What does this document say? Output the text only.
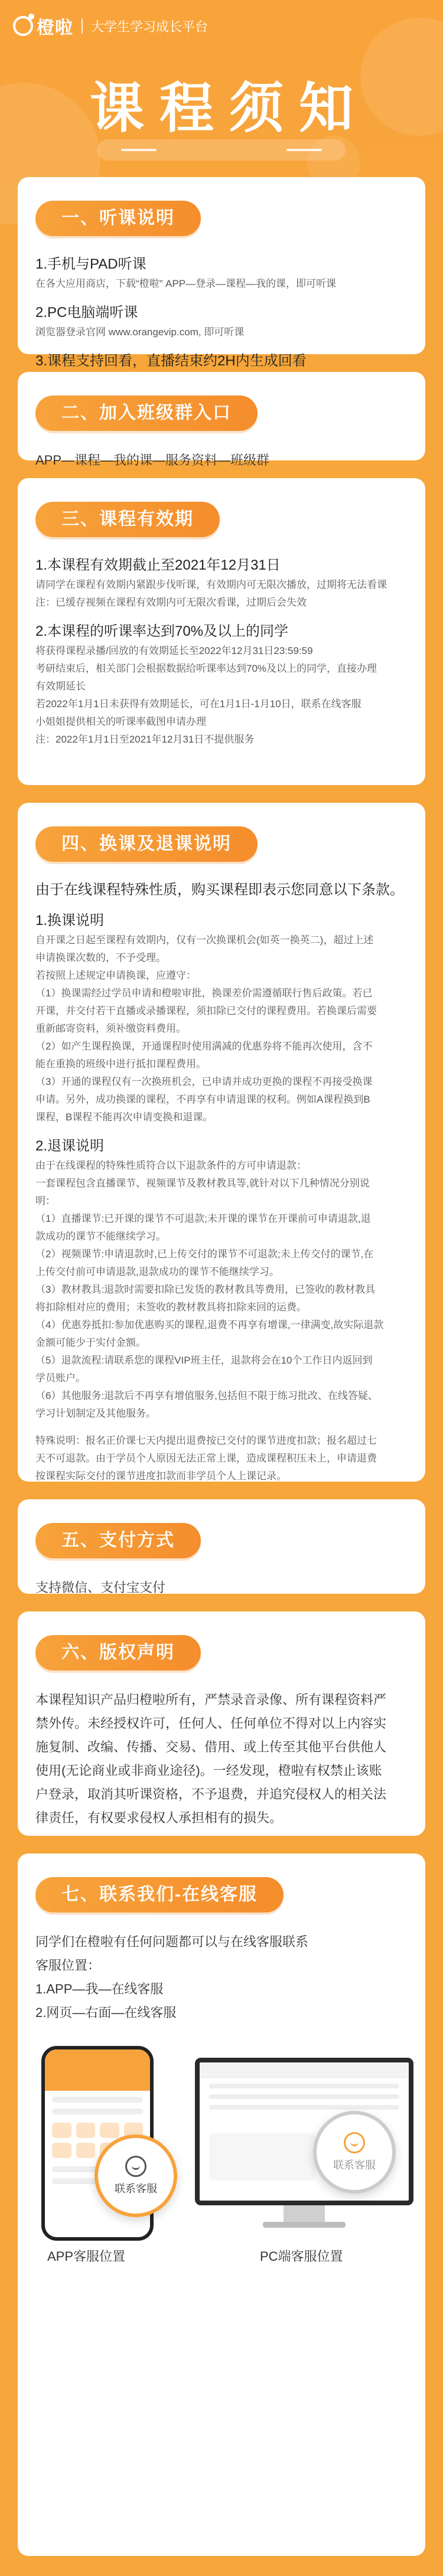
橙啦 大学生学习成长平台
课程须知
一、听课说明
1.手机与PAD听课
在各大应用商店，下载“橙啦” APP—登录—课程—我的课，即可听课
2.PC电脑端听课
浏览器登录官网 www.orangevip.com, 即可听课
3.课程支持回看，直播结束约2H内生成回看
二、加入班级群入口
APP—课程—我的课—服务资料—班级群
三、课程有效期
1.本课程有效期截止至2021年12月31日
请同学在课程有效期内紧跟步伐听课，有效期内可无限次播放，过期将无法看课
注：已缓存视频在课程有效期内可无限次看课，过期后会失效
2.本课程的听课率达到70%及以上的同学
将获得课程录播/回放的有效期延长至2022年12月31日23:59:59
考研结束后，相关部门会根据数据给听课率达到70%及以上的同学，直接办理
有效期延长
若2022年1月1日未获得有效期延长，可在1月1日-1月10日，联系在线客服
小姐姐提供相关的听课率截图申请办理
注：2022年1月1日至2021年12月31日不提供服务
四、换课及退课说明
由于在线课程特殊性质，购买课程即表示您同意以下条款。
1.换课说明
自开课之日起至课程有效期内，仅有一次换课机会(如英一换英二)，超过上述
申请换课次数的，不予受理。
若按照上述规定申请换课，应遵守：
（1）换课需经过学员申请和橙啦审批，换课差价需遵循联行售后政策。若已
开课，并交付若干直播或录播课程，须扣除已交付的课程费用。若换课后需要
重新邮寄资料，须补缴资料费用。
（2）如产生课程换课，开通课程时使用满减的优惠券将不能再次使用，含不
能在重换的班级中进行抵扣课程费用。
（3）开通的课程仅有一次换班机会，已申请并成功更换的课程不再接受换课
申请。另外，成功换课的课程，不再享有申请退课的权利。例如A课程换到B
课程，B课程不能再次申请变换和退课。
2.退课说明
由于在线课程的特殊性质符合以下退款条件的方可申请退款：
一套课程包含直播课节、视频课节及教材教具等,就针对以下几种情况分别说
明：
（1）直播课节:已开课的课节不可退款;未开课的课节在开课前可申请退款,退
款成功的课节不能继续学习。
（2）视频课节:申请退款时,已上传交付的课节不可退款;未上传交付的课节,在
上传交付前可申请退款,退款成功的课节不能继续学习。
（3）教材教具:退款时需要扣除已发货的教材教具等费用，已签收的教材教具
将扣除相对应的费用；未签收的教材教具将扣除来回的运费。
（4）优惠券抵扣:参加优惠购买的课程,退费不再享有增课,一律满变,故实际退款
金额可能少于实付金额。
（5）退款流程:请联系您的课程VIP班主任，退款将会在10个工作日内返回到
学员账户。
（6）其他服务:退款后不再享有增值服务,包括但不限于练习批改、在线答疑、
学习计划制定及其他服务。
特殊说明：报名正价课七天内提出退费按已交付的课节进度扣款；报名超过七
天不可退款。由于学员个人原因无法正常上课，造成课程积压未上，申请退费
按课程实际交付的课节进度扣款而非学员个人上课记录。
五、支付方式
支持微信、支付宝支付
六、版权声明
本课程知识产品归橙啦所有，严禁录音录像、所有课程资料严
禁外传。未经授权许可，任何人、任何单位不得对以上内容实
施复制、改编、传播、交易、借用、或上传至其他平台供他人
使用(无论商业或非商业途径)。一经发现，橙啦有权禁止该账
户登录，取消其听课资格，不予退费，并追究侵权人的相关法
律责任，有权要求侵权人承担相有的损失。
七、联系我们-在线客服
同学们在橙啦有任何问题都可以与在线客服联系
客服位置：
1.APP—我—在线客服
2.网页—右面—在线客服
联系客服
联系客服
APP客服位置	PC端客服位置
